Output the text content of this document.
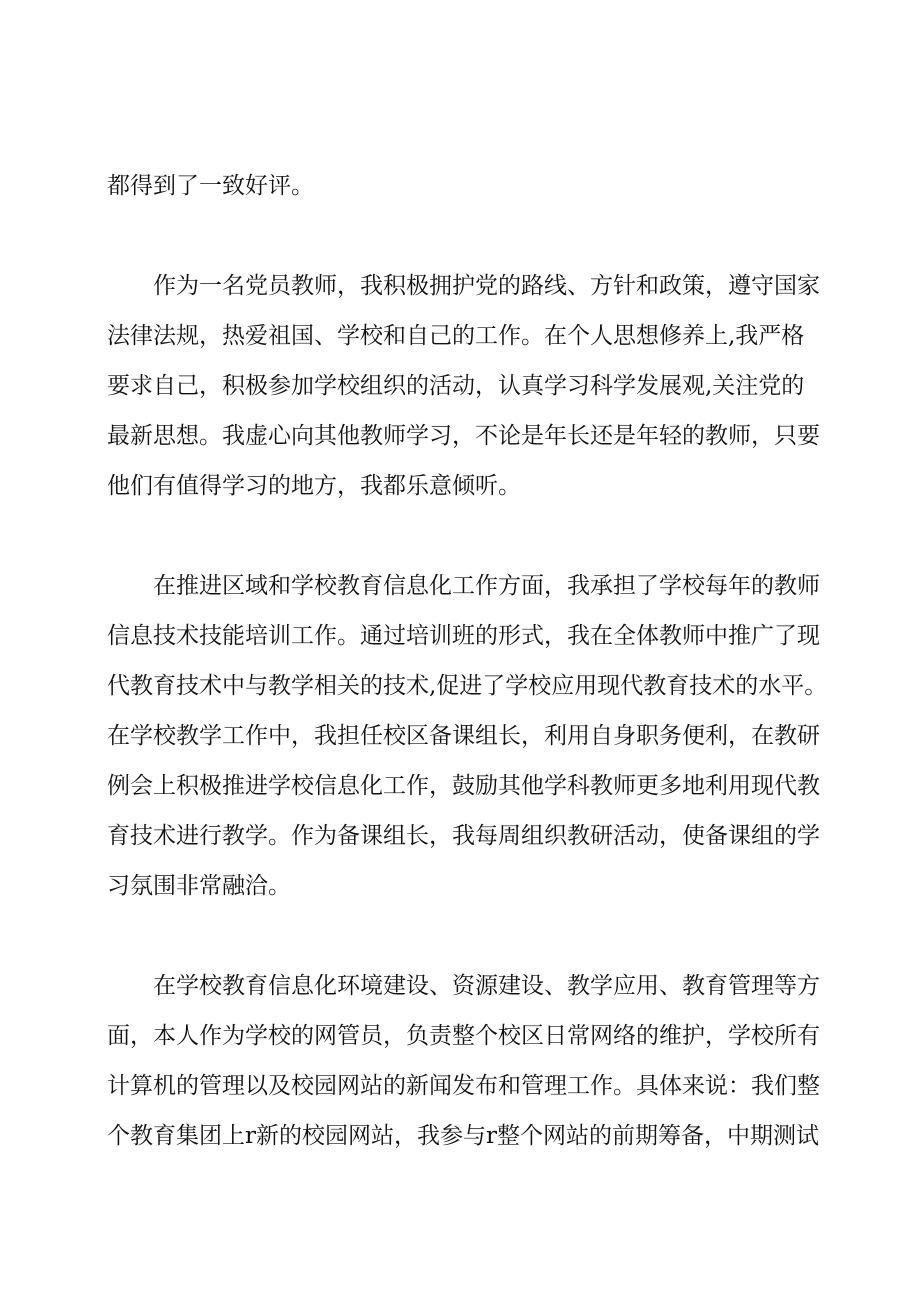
都得到了一致好评。

作为一名党员教师，我积极拥护党的路线、方针和政策，遵守国家

法律法规，热爱祖国、学校和自己的工作。在个人思想修养上,我严格

要求自己，积极参加学校组织的活动，认真学习科学发展观,关注党的

最新思想。我虚心向其他教师学习，不论是年长还是年轻的教师，只要

他们有值得学习的地方，我都乐意倾听。

在推进区域和学校教育信息化工作方面，我承担了学校每年的教师

信息技术技能培训工作。通过培训班的形式，我在全体教师中推广了现

代教育技术中与教学相关的技术,促进了学校应用现代教育技术的水平。

在学校教学工作中，我担任校区备课组长，利用自身职务便利，在教研

例会上积极推进学校信息化工作，鼓励其他学科教师更多地利用现代教

育技术进行教学。作为备课组长，我每周组织教研活动，使备课组的学

习氛围非常融洽。

在学校教育信息化环境建设、资源建设、教学应用、教育管理等方

面，本人作为学校的网管员，负责整个校区日常网络的维护，学校所有

计算机的管理以及校园网站的新闻发布和管理工作。具体来说：我们整

个教育集团上r新的校园网站，我参与r整个网站的前期筹备，中期测试
